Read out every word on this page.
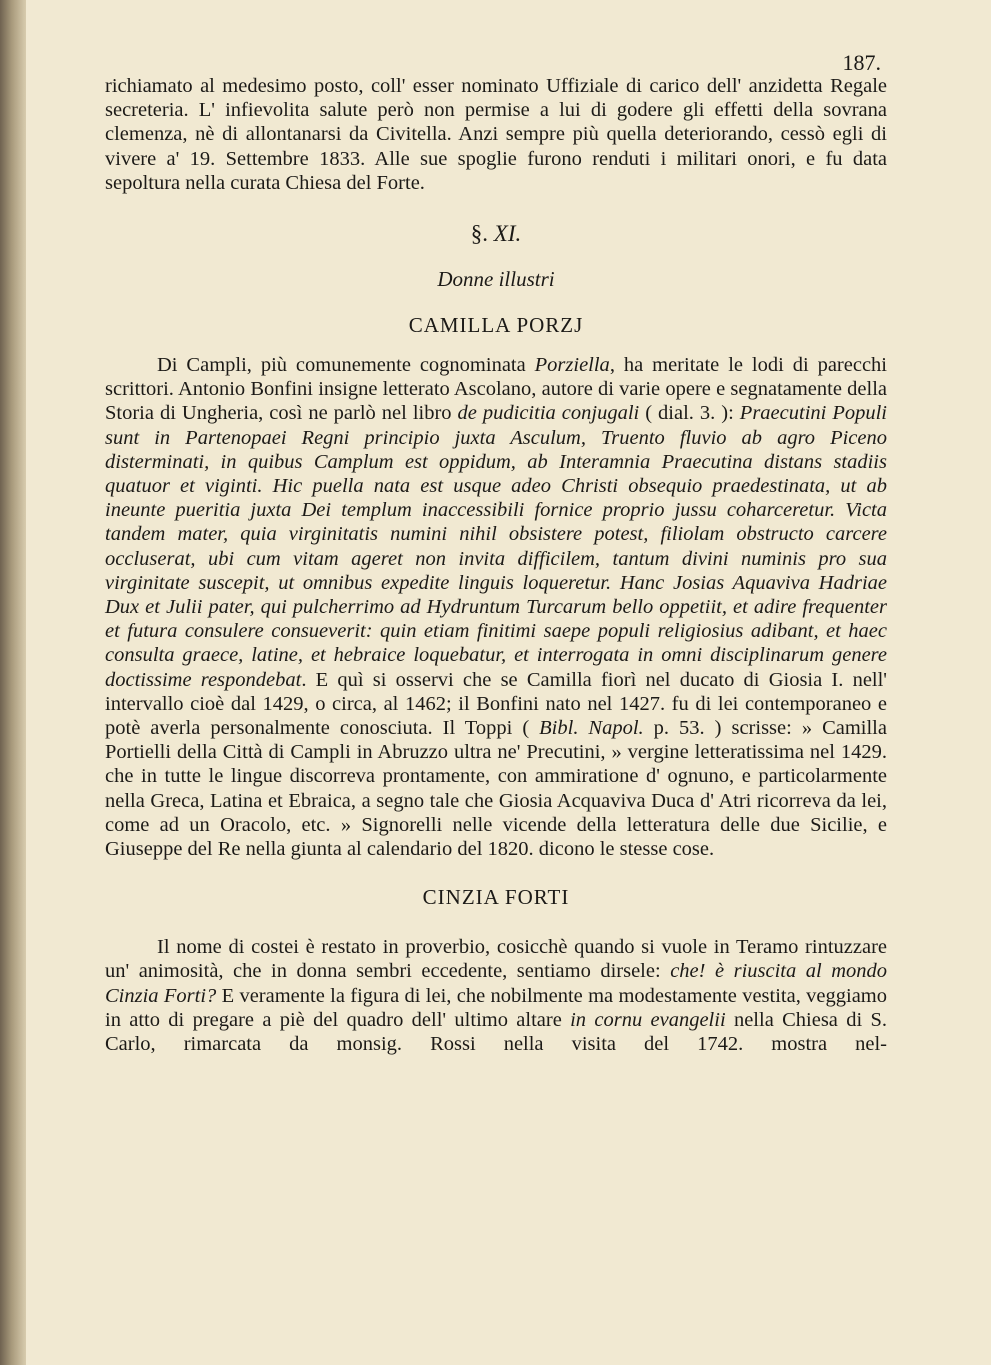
187.

richiamato al medesimo posto, coll' esser nominato Uffiziale di carico dell' anzidetta Regale secreteria. L' infievolita salute però non permise a lui di godere gli effetti della sovrana clemenza, nè di allontanarsi da Civitella. Anzi sempre più quella deteriorando, cessò egli di vivere a' 19. Settembre 1833. Alle sue spoglie furono renduti i militari onori, e fu data sepoltura nella curata Chiesa del Forte.

§. XI.
Donne illustri
CAMILLA PORZJ

Di Campli, più comunemente cognominata Porziella, ha meritate le lodi di parecchi scrittori. Antonio Bonfini insigne letterato Ascolano, autore di varie opere e segnatamente della Storia di Ungheria, così ne parlò nel libro de pudicitia conjugali ( dial. 3. ): Praecutini Populi sunt in Partenopaei Regni principio juxta Asculum, Truento fluvio ab agro Piceno disterminati, in quibus Camplum est oppidum, ab Interamnia Praecutina distans stadiis quatuor et viginti. Hic puella nata est usque adeo Christi obsequio praedestinata, ut ab ineunte pueritia juxta Dei templum inaccessibili fornice proprio jussu coharceretur. Victa tandem mater, quia virginitatis numini nihil obsistere potest, filiolam obstructo carcere occluserat, ubi cum vitam ageret non invita difficilem, tantum divini numinis pro sua virginitate suscepit, ut omnibus expedite linguis loqueretur. Hanc Josias Aquaviva Hadriae Dux et Julii pater, qui pulcherrimo ad Hydruntum Turcarum bello oppetiit, et adire frequenter et futura consulere consueverit: quin etiam finitimi saepe populi religiosius adibant, et haec consulta graece, latine, et hebraice loquebatur, et interrogata in omni disciplinarum genere doctissime respondebat. E quì si osservi che se Camilla fiorì nel ducato di Giosia I. nell' intervallo cioè dal 1429, o circa, al 1462; il Bonfini nato nel 1427. fu di lei contemporaneo e potè averla personalmente conosciuta. Il Toppi ( Bibl. Napol. p. 53. ) scrisse: » Camilla Portielli della Città di Campli in Abruzzo ultra ne' Precutini, » vergine letteratissima nel 1429. che in tutte le lingue discorreva prontamente, con ammiratione d' ognuno, e particolarmente nella Greca, Latina et Ebraica, a segno tale che Giosia Acquaviva Duca d' Atri ricorreva da lei, come ad un Oracolo, etc. » Signorelli nelle vicende della letteratura delle due Sicilie, e Giuseppe del Re nella giunta al calendario del 1820. dicono le stesse cose.

CINZIA FORTI

Il nome di costei è restato in proverbio, cosicchè quando si vuole in Teramo rintuzzare un' animosità, che in donna sembri eccedente, sentiamo dirsele: che! è riuscita al mondo Cinzia Forti? E veramente la figura di lei, che nobilmente ma modestamente vestita, veggiamo in atto di pregare a piè del quadro dell' ultimo altare in cornu evangelii nella Chiesa di S. Carlo, rimarcata da monsig. Rossi nella visita del 1742. mostra nel-
